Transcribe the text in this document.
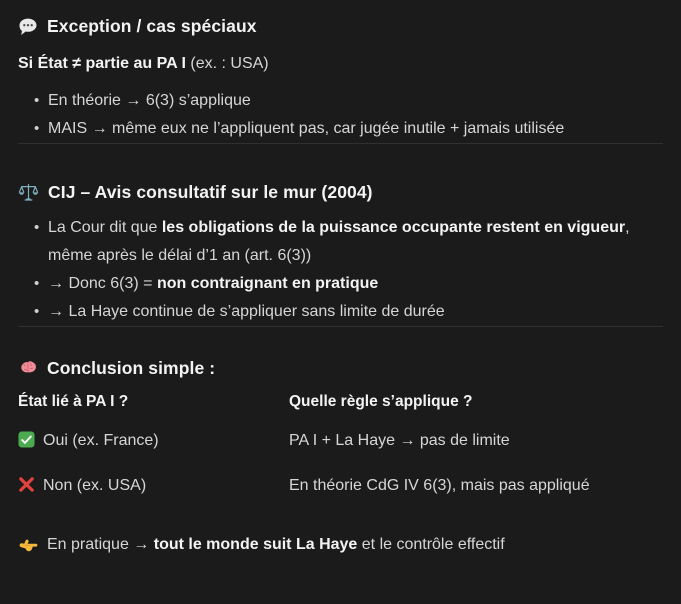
Exception / cas spéciaux

Si État ≠ partie au PA I (ex. : USA)

• En théorie → 6(3) s’applique
• MAIS → même eux ne l’appliquent pas, car jugée inutile + jamais utilisée
CIJ – Avis consultatif sur le mur (2004)
• La Cour dit que les obligations de la puissance occupante restent en vigueur, même après le délai d’1 an (art. 6(3))
• → Donc 6(3) = non contraignant en pratique
• → La Haye continue de s’appliquer sans limite de durée
Conclusion simple :
État lié à PA I ?	Quelle règle s’applique ?
Oui (ex. France)	PA I + La Haye → pas de limite
Non (ex. USA)	En théorie CdG IV 6(3), mais pas appliqué

En pratique → tout le monde suit La Haye et le contrôle effectif
